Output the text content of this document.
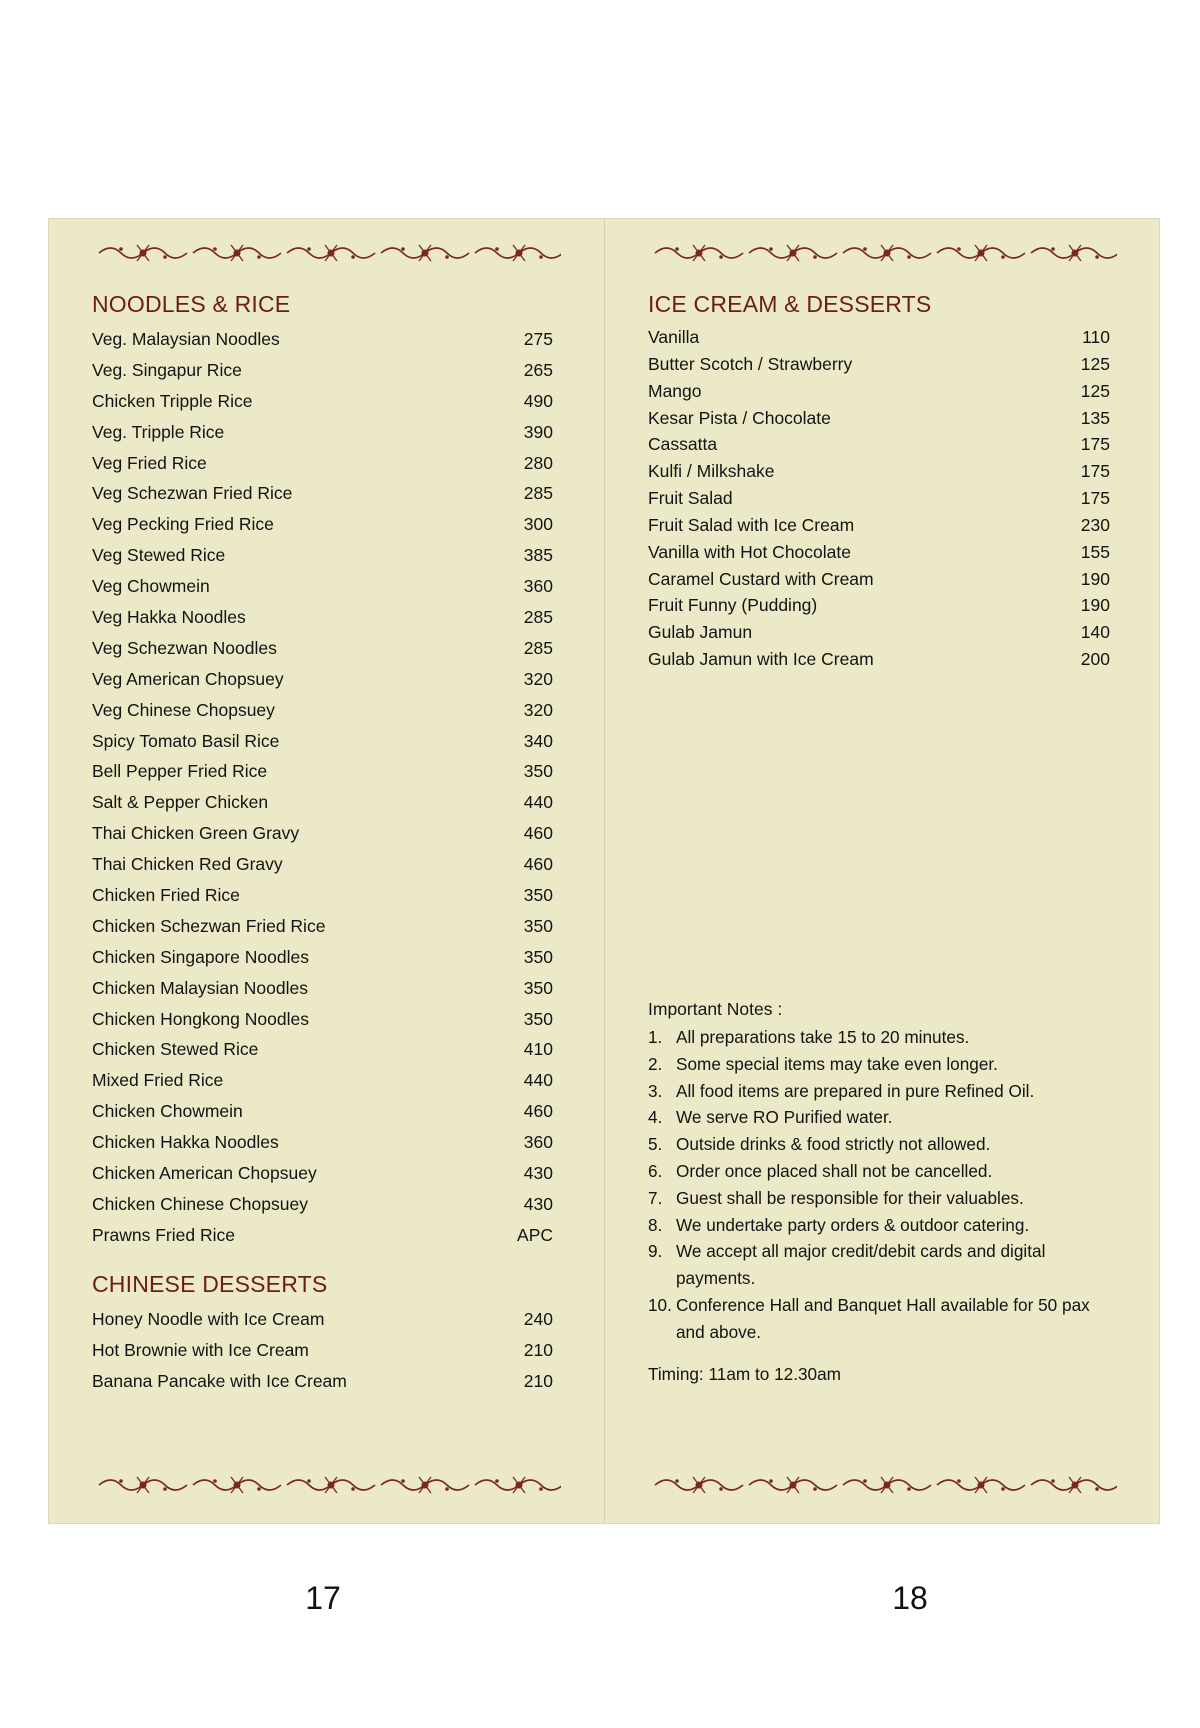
NOODLES & RICE
Veg. Malaysian Noodles	275
Veg. Singapur Rice	265
Chicken Tripple Rice	490
Veg. Tripple Rice	390
Veg Fried Rice	280
Veg Schezwan Fried Rice	285
Veg Pecking Fried Rice	300
Veg Stewed Rice	385
Veg Chowmein	360
Veg Hakka Noodles	285
Veg Schezwan Noodles	285
Veg American Chopsuey	320
Veg Chinese Chopsuey	320
Spicy Tomato Basil Rice	340
Bell Pepper Fried Rice	350
Salt & Pepper Chicken	440
Thai Chicken Green Gravy	460
Thai Chicken Red Gravy	460
Chicken Fried Rice	350
Chicken Schezwan Fried Rice	350
Chicken Singapore Noodles	350
Chicken Malaysian Noodles	350
Chicken Hongkong Noodles	350
Chicken Stewed Rice	410
Mixed Fried Rice	440
Chicken Chowmein	460
Chicken Hakka Noodles	360
Chicken American Chopsuey	430
Chicken Chinese Chopsuey	430
Prawns Fried Rice	APC
CHINESE DESSERTS
Honey Noodle with Ice Cream	240
Hot Brownie with Ice Cream	210
Banana Pancake with Ice Cream	210
ICE CREAM & DESSERTS
Vanilla	110
Butter Scotch / Strawberry	125
Mango	125
Kesar Pista / Chocolate	135
Cassatta	175
Kulfi / Milkshake	175
Fruit Salad	175
Fruit Salad with Ice Cream	230
Vanilla with Hot Chocolate	155
Caramel Custard with Cream	190
Fruit Funny (Pudding)	190
Gulab Jamun	140
Gulab Jamun with Ice Cream	200
Important Notes :
1. All preparations take 15 to 20 minutes.
2. Some special items may take even longer.
3. All food items are prepared in pure Refined Oil.
4. We serve RO Purified water.
5. Outside drinks & food strictly not allowed.
6. Order once placed shall not be cancelled.
7. Guest shall be responsible for their valuables.
8. We undertake party orders & outdoor catering.
9. We accept all major credit/debit cards and digital payments.
10. Conference Hall and Banquet Hall available for 50 pax and above.
Timing: 11am to 12.30am
17	18
